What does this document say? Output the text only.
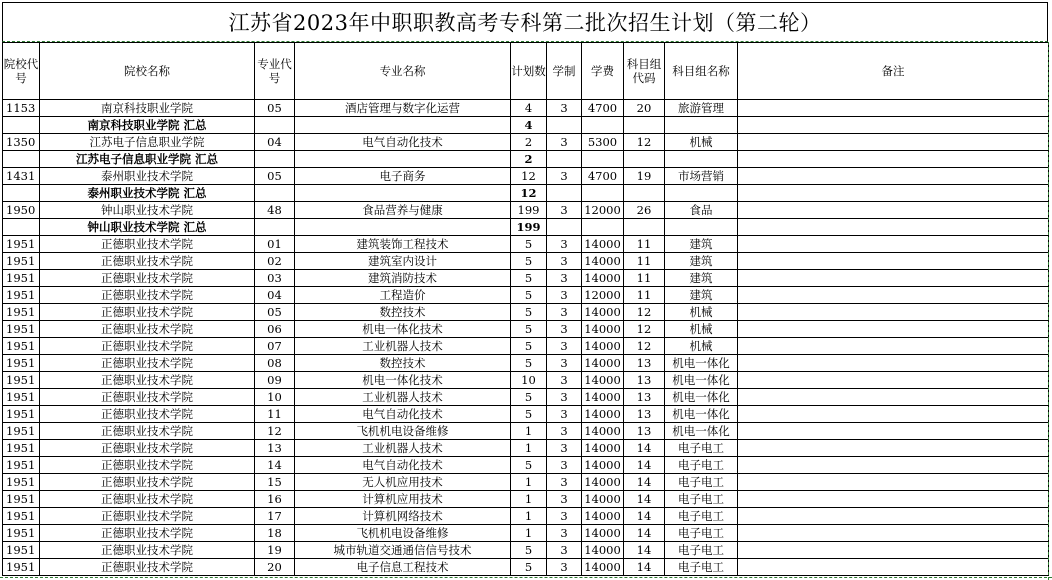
江苏省2023年中职职教高考专科第二批次招生计划（第二轮）
院校代号	院校名称	专业代号	专业名称	计划数	学制	学费	科目组代码	科目组名称	备注
1153	南京科技职业学院	05	酒店管理与数字化运营	4	3	4700	20	旅游管理	
	南京科技职业学院 汇总			4					
1350	江苏电子信息职业学院	04	电气自动化技术	2	3	5300	12	机械	
	江苏电子信息职业学院 汇总			2					
1431	泰州职业技术学院	05	电子商务	12	3	4700	19	市场营销	
	泰州职业技术学院 汇总			12					
1950	钟山职业技术学院	48	食品营养与健康	199	3	12000	26	食品	
	钟山职业技术学院 汇总			199					
1951	正德职业技术学院	01	建筑装饰工程技术	5	3	14000	11	建筑	
1951	正德职业技术学院	02	建筑室内设计	5	3	14000	11	建筑	
1951	正德职业技术学院	03	建筑消防技术	5	3	14000	11	建筑	
1951	正德职业技术学院	04	工程造价	5	3	12000	11	建筑	
1951	正德职业技术学院	05	数控技术	5	3	14000	12	机械	
1951	正德职业技术学院	06	机电一体化技术	5	3	14000	12	机械	
1951	正德职业技术学院	07	工业机器人技术	5	3	14000	12	机械	
1951	正德职业技术学院	08	数控技术	5	3	14000	13	机电一体化	
1951	正德职业技术学院	09	机电一体化技术	10	3	14000	13	机电一体化	
1951	正德职业技术学院	10	工业机器人技术	5	3	14000	13	机电一体化	
1951	正德职业技术学院	11	电气自动化技术	5	3	14000	13	机电一体化	
1951	正德职业技术学院	12	飞机机电设备维修	1	3	14000	13	机电一体化	
1951	正德职业技术学院	13	工业机器人技术	1	3	14000	14	电子电工	
1951	正德职业技术学院	14	电气自动化技术	5	3	14000	14	电子电工	
1951	正德职业技术学院	15	无人机应用技术	1	3	14000	14	电子电工	
1951	正德职业技术学院	16	计算机应用技术	1	3	14000	14	电子电工	
1951	正德职业技术学院	17	计算机网络技术	1	3	14000	14	电子电工	
1951	正德职业技术学院	18	飞机机电设备维修	1	3	14000	14	电子电工	
1951	正德职业技术学院	19	城市轨道交通通信信号技术	5	3	14000	14	电子电工	
1951	正德职业技术学院	20	电子信息工程技术	5	3	14000	14	电子电工	
